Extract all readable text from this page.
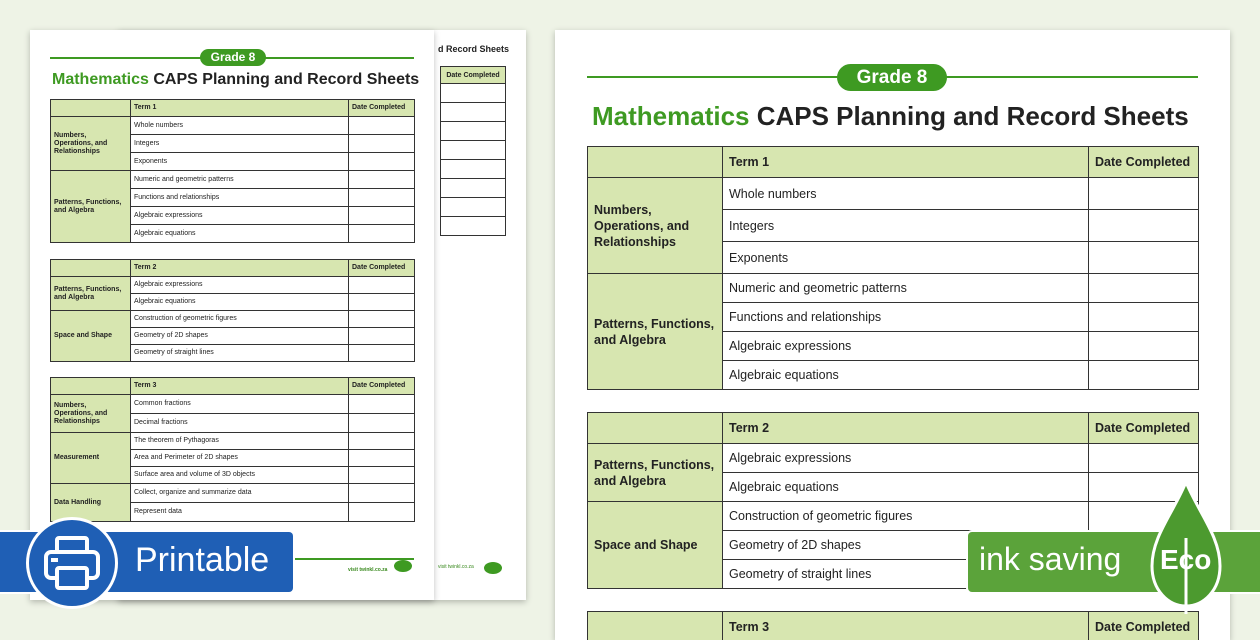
d Record Sheets
Date Completed

visit twinkl.co.za
Grade 8
Mathematics CAPS Planning and Record Sheets
	Term 1	Date Completed
Numbers, Operations, and Relationships	Whole numbers	
	Integers	
	Exponents	
Patterns, Functions, and Algebra	Numeric and geometric patterns	
	Functions and relationships	
	Algebraic expressions	
	Algebraic equations	
	Term 2	Date Completed
Patterns, Functions, and Algebra	Algebraic expressions	
	Algebraic equations	
Space and Shape	Construction of geometric figures	
	Geometry of 2D shapes	
	Geometry of straight lines	
	Term 3	Date Completed
Numbers, Operations, and Relationships	Common fractions	
	Decimal fractions	
Measurement	The theorem of Pythagoras	
	Area and Perimeter of 2D shapes	
	Surface area and volume of 3D objects	
Data Handling	Collect, organize and summarize data	
	Represent data	
visit twinkl.co.za
Grade 8
Mathematics CAPS Planning and Record Sheets
	Term 1	Date Completed
Numbers, Operations, and Relationships	Whole numbers	
	Integers	
	Exponents	
Patterns, Functions, and Algebra	Numeric and geometric patterns	
	Functions and relationships	
	Algebraic expressions	
	Algebraic equations	
	Term 2	Date Completed
Patterns, Functions, and Algebra	Algebraic expressions	
	Algebraic equations	
Space and Shape	Construction of geometric figures	
	Geometry of 2D shapes	
	Geometry of straight lines	
	Term 3	Date Completed
Printable	ink saving Eco
